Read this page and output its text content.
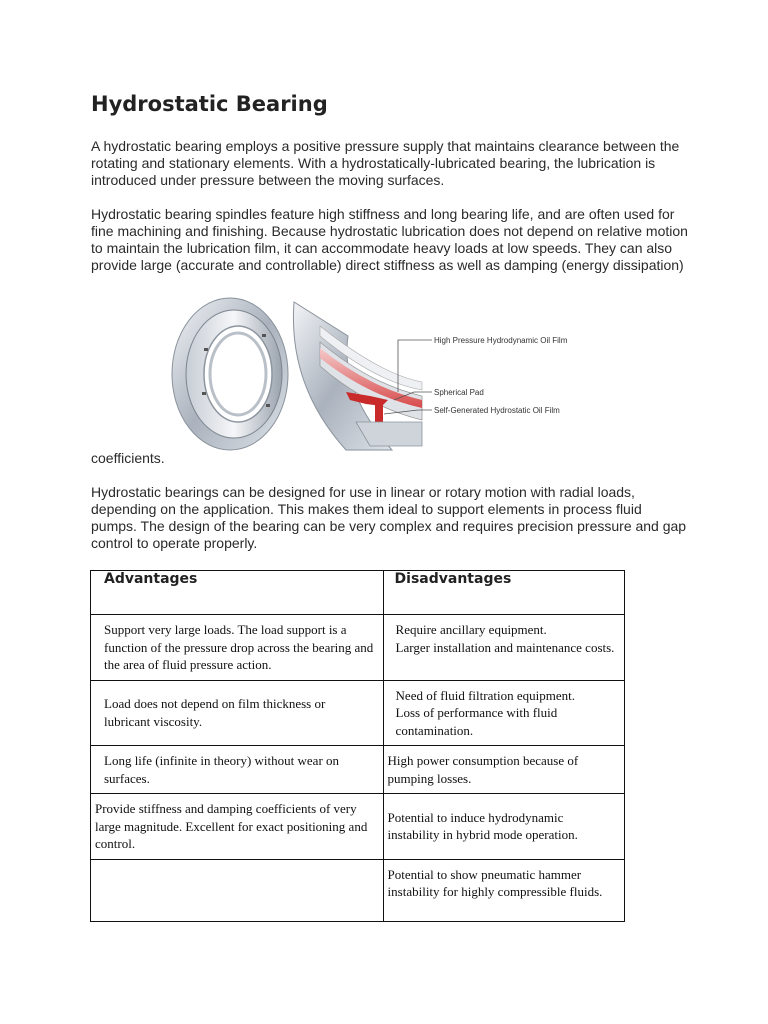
Hydrostatic Bearing

A hydrostatic bearing employs a positive pressure supply that maintains clearance between the rotating and stationary elements. With a hydrostatically-lubricated bearing, the lubrication is introduced under pressure between the moving surfaces.

Hydrostatic bearing spindles feature high stiffness and long bearing life, and are often used for fine machining and finishing. Because hydrostatic lubrication does not depend on relative motion to maintain the lubrication film, it can accommodate heavy loads at low speeds. They can also provide large (accurate and controllable) direct stiffness as well as damping (energy dissipation)

High Pressure Hydrodynamic Oil Film
Spherical Pad
Self-Generated Hydrostatic Oil Film

coefficients.

Hydrostatic bearings can be designed for use in linear or rotary motion with radial loads, depending on the application. This makes them ideal to support elements in process fluid pumps. The design of the bearing can be very complex and requires precision pressure and gap control to operate properly.

Advantages	Disadvantages
Support very large loads. The load support is a function of the pressure drop across the bearing and the area of fluid pressure action.	Require ancillary equipment.
Larger installation and maintenance costs.

Load does not depend on film thickness or lubricant viscosity.	Need of fluid filtration equipment.
Loss of performance with fluid contamination.

Long life (infinite in theory) without wear on surfaces.	High power consumption because of pumping losses.
Provide stiffness and damping coefficients of very large magnitude. Excellent for exact positioning and control.	Potential to induce hydrodynamic instability in hybrid mode operation.
	Potential to show pneumatic hammer instability for highly compressible fluids.
